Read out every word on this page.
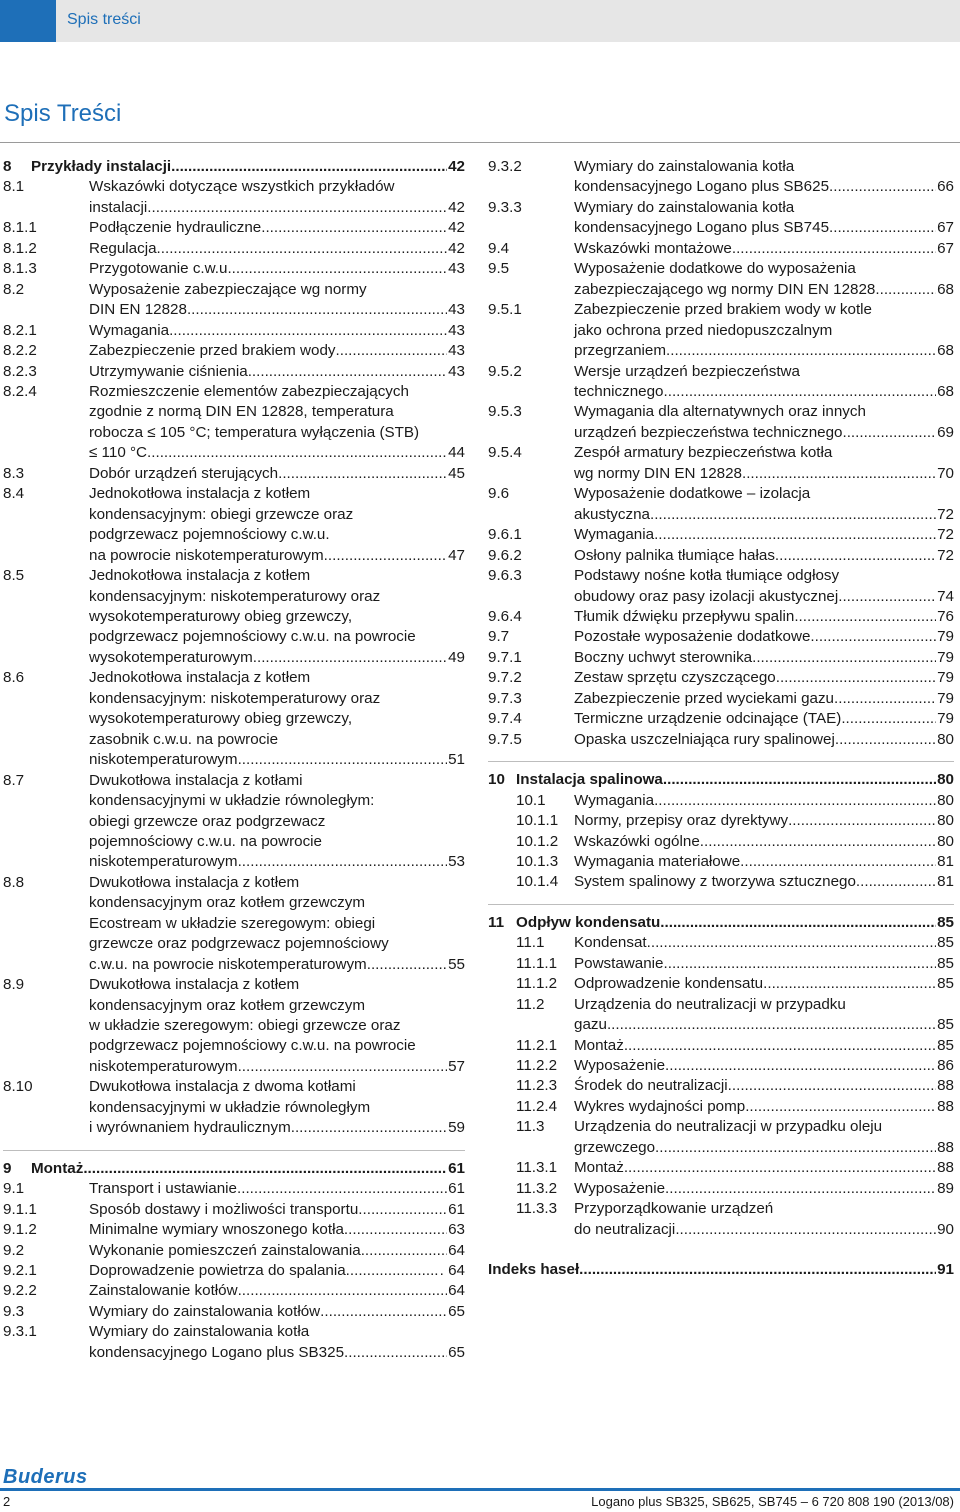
Spis treści
Spis Treści
8	Przykłady instalacji .....	42
8.1	Wskazówki dotyczące wszystkich przykładów
instalacji .....	42
8.1.1	Podłączenie hydrauliczne .....	42
8.1.2	Regulacja .....	42
8.1.3	Przygotowanie c.w.u. .....	43
8.2	Wyposażenie zabezpieczające wg normy
DIN EN 12828 .....	43
8.2.1	Wymagania .....	43
8.2.2	Zabezpieczenie przed brakiem wody .....	43
8.2.3	Utrzymywanie ciśnienia .....	43
8.2.4	Rozmieszczenie elementów zabezpieczających
zgodnie z normą DIN EN 12828, temperatura
robocza ≤ 105 °C; temperatura wyłączenia (STB)
≤ 110 °C .....	44
8.3	Dobór urządzeń sterujących .....	45
8.4	Jednokotłowa instalacja z kotłem
kondensacyjnym: obiegi grzewcze oraz
podgrzewacz pojemnościowy c.w.u.
na powrocie niskotemperaturowym .....	47
8.5	Jednokotłowa instalacja z kotłem
kondensacyjnym: niskotemperaturowy oraz
wysokotemperaturowy obieg grzewczy,
podgrzewacz pojemnościowy c.w.u. na powrocie
wysokotemperaturowym .....	49
8.6	Jednokotłowa instalacja z kotłem
kondensacyjnym: niskotemperaturowy oraz
wysokotemperaturowy obieg grzewczy,
zasobnik c.w.u. na powrocie
niskotemperaturowym .....	51
8.7	Dwukotłowa instalacja z kotłami
kondensacyjnymi w układzie równoległym:
obiegi grzewcze oraz podgrzewacz
pojemnościowy c.w.u. na powrocie
niskotemperaturowym .....	53
8.8	Dwukotłowa instalacja z kotłem
kondensacyjnym oraz kotłem grzewczym
Ecostream w układzie szeregowym: obiegi
grzewcze oraz podgrzewacz pojemnościowy
c.w.u. na powrocie niskotemperaturowym .....	55
8.9	Dwukotłowa instalacja z kotłem
kondensacyjnym oraz kotłem grzewczym
w układzie szeregowym: obiegi grzewcze oraz
podgrzewacz pojemnościowy c.w.u. na powrocie
niskotemperaturowym .....	57
8.10	Dwukotłowa instalacja z dwoma kotłami
kondensacyjnymi w układzie równoległym
i wyrównaniem hydraulicznym .....	59
9	Montaż .....	61
9.1	Transport i ustawianie .....	61
9.1.1	Sposób dostawy i możliwości transportu .....	61
9.1.2	Minimalne wymiary wnoszonego kotła .....	63
9.2	Wykonanie pomieszczeń zainstalowania .....	64
9.2.1	Doprowadzenie powietrza do spalania .....	. 64
9.2.2	Zainstalowanie kotłów .....	64
9.3	Wymiary do zainstalowania kotłów .....	65
9.3.1	Wymiary do zainstalowania kotła
kondensacyjnego Logano plus SB325 .....	65
9.3.2	Wymiary do zainstalowania kotła
kondensacyjnego Logano plus SB625 .....	66
9.3.3	Wymiary do zainstalowania kotła
kondensacyjnego Logano plus SB745 .....	67
9.4	Wskazówki montażowe .....	67
9.5	Wyposażenie dodatkowe do wyposażenia
zabezpieczającego wg normy DIN EN 12828 .....	68
9.5.1	Zabezpieczenie przed brakiem wody w kotle
jako ochrona przed niedopuszczalnym
przegrzaniem .....	68
9.5.2	Wersje urządzeń bezpieczeństwa
technicznego .....	68
9.5.3	Wymagania dla alternatywnych oraz innych
urządzeń bezpieczeństwa technicznego .....	69
9.5.4	Zespół armatury bezpieczeństwa kotła
wg normy DIN EN 12828 .....	70
9.6	Wyposażenie dodatkowe – izolacja
akustyczna .....	72
9.6.1	Wymagania .....	72
9.6.2	Osłony palnika tłumiące hałas .....	72
9.6.3	Podstawy nośne kotła tłumiące odgłosy
obudowy oraz pasy izolacji akustycznej .....	74
9.6.4	Tłumik dźwięku przepływu spalin .....	76
9.7	Pozostałe wyposażenie dodatkowe .....	79
9.7.1	Boczny uchwyt sterownika .....	79
9.7.2	Zestaw sprzętu czyszczącego .....	79
9.7.3	Zabezpieczenie przed wyciekami gazu .....	79
9.7.4	Termiczne urządzenie odcinające (TAE) .....	79
9.7.5	Opaska uszczelniająca rury spalinowej .....	80
10 Instalacja spalinowa .....	80
10.1	Wymagania .....	80
10.1.1	Normy, przepisy oraz dyrektywy .....	80
10.1.2	Wskazówki ogólne .....	80
10.1.3	Wymagania materiałowe .....	81
10.1.4	System spalinowy z tworzywa sztucznego .....	81
11 Odpływ kondensatu .....	85
11.1	Kondensat .....	85
11.1.1	Powstawanie .....	85
11.1.2	Odprowadzenie kondensatu .....	85
11.2	Urządzenia do neutralizacji w przypadku
gazu .....	85
11.2.1	Montaż .....	85
11.2.2	Wyposażenie .....	86
11.2.3	Środek do neutralizacji .....	88
11.2.4	Wykres wydajności pomp .....	88
11.3	Urządzenia do neutralizacji w przypadku oleju
grzewczego .....	88
11.3.1	Montaż .....	88
11.3.2	Wyposażenie .....	89
11.3.3	Przyporządkowanie urządzeń
do neutralizacji .....	90
Indeks haseł .....	91
Buderus
2	Logano plus SB325, SB625, SB745 – 6 720 808 190 (2013/08)
